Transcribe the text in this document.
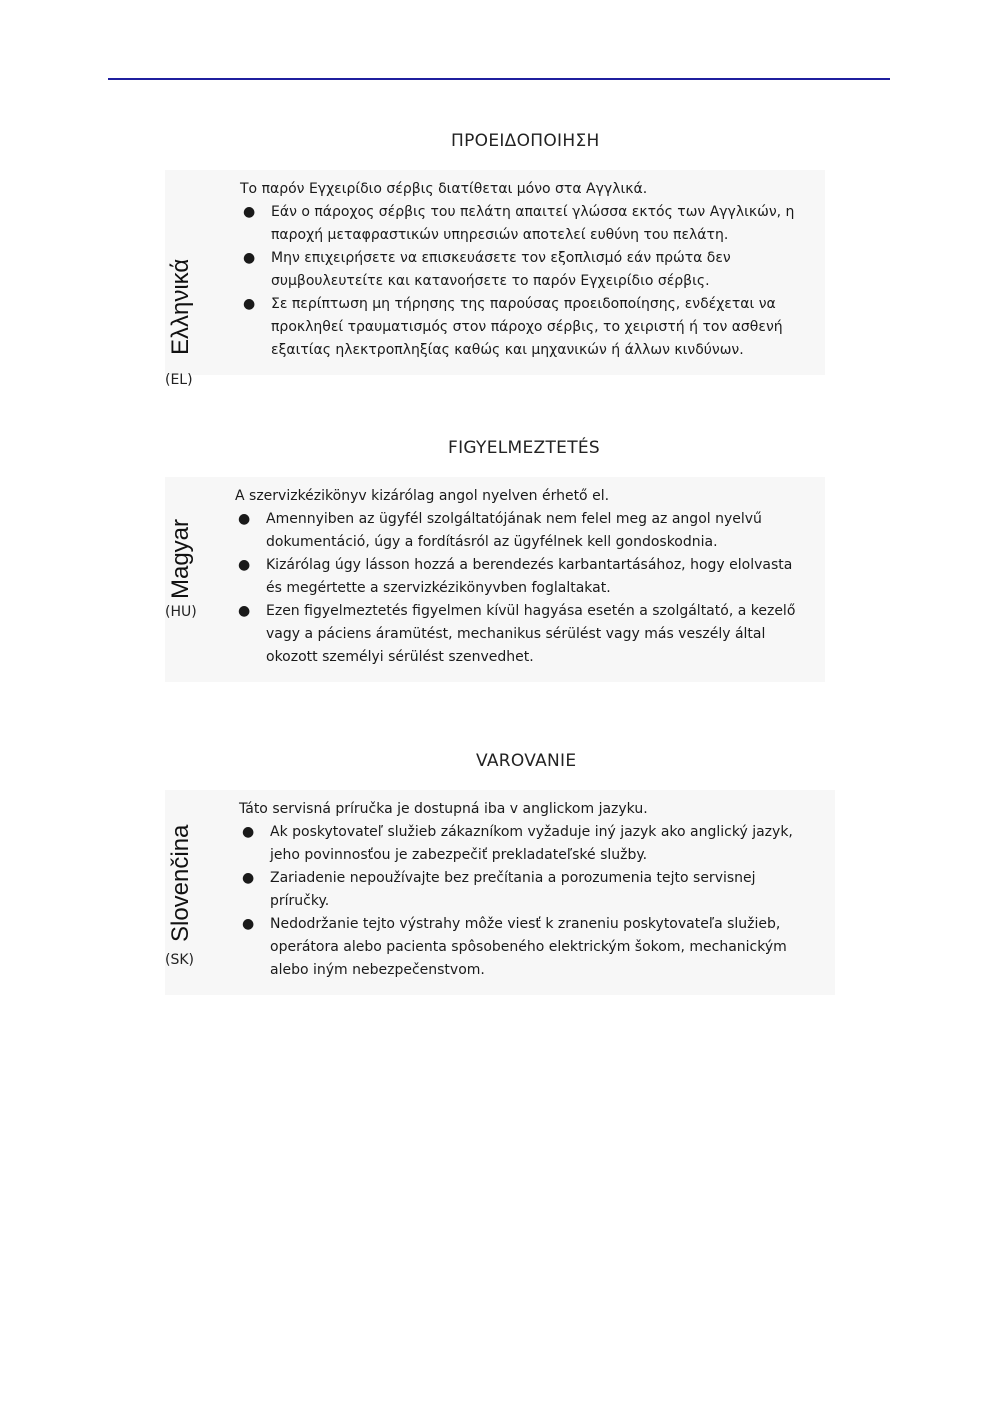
Ελληνικά
(EL)
ΠΡΟΕΙΔΟΠΟΙΗΣΗ
Το παρόν Εγχειρίδιο σέρβις διατίθεται μόνο στα Αγγλικά.
● Εάν ο πάροχος σέρβις του πελάτη απαιτεί γλώσσα εκτός των Αγγλικών, η
παροχή μεταφραστικών υπηρεσιών αποτελεί ευθύνη του πελάτη.
● Μην επιχειρήσετε να επισκευάσετε τον εξοπλισμό εάν πρώτα δεν
συμβουλευτείτε και κατανοήσετε το παρόν Εγχειρίδιο σέρβις.
● Σε περίπτωση μη τήρησης της παρούσας προειδοποίησης, ενδέχεται να
προκληθεί τραυματισμός στον πάροχο σέρβις, το χειριστή ή τον ασθενή
εξαιτίας ηλεκτροπληξίας καθώς και μηχανικών ή άλλων κινδύνων.
Magyar
(HU)
FIGYELMEZTETÉS
A szervizkézikönyv kizárólag angol nyelven érhető el.
● Amennyiben az ügyfél szolgáltatójának nem felel meg az angol nyelvű
dokumentáció, úgy a fordításról az ügyfélnek kell gondoskodnia.
● Kizárólag úgy lásson hozzá a berendezés karbantartásához, hogy elolvasta
és megértette a szervizkézikönyvben foglaltakat.
● Ezen figyelmeztetés figyelmen kívül hagyása esetén a szolgáltató, a kezelő
vagy a páciens áramütést, mechanikus sérülést vagy más veszély által
okozott személyi sérülést szenvedhet.
Slovenčina
(SK)
VAROVANIE
Táto servisná príručka je dostupná iba v anglickom jazyku.
● Ak poskytovateľ služieb zákazníkom vyžaduje iný jazyk ako anglický jazyk,
jeho povinnosťou je zabezpečiť prekladateľské služby.
● Zariadenie nepoužívajte bez prečítania a porozumenia tejto servisnej
príručky.
● Nedodržanie tejto výstrahy môže viesť k zraneniu poskytovateľa služieb,
operátora alebo pacienta spôsobeného elektrickým šokom, mechanickým
alebo iným nebezpečenstvom.
